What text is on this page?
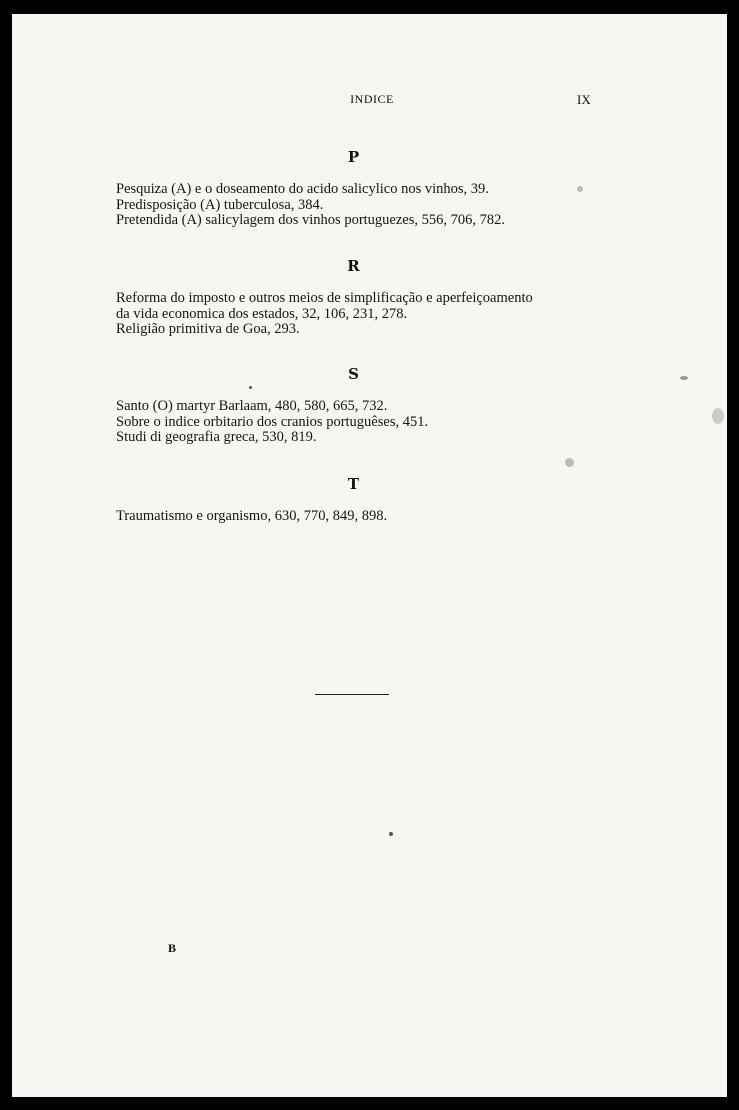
INDICE	IX
P
Pesquiza (A) e o doseamento do acido salicylico nos vinhos, 39.
Predisposição (A) tuberculosa, 384.
Pretendida (A) salicylagem dos vinhos portuguezes, 556, 706, 782.
R
Reforma do imposto e outros meios de simplificação e aperfeiçoamento
da vida economica dos estados, 32, 106, 231, 278.
Religião primitiva de Goa, 293.
S
Santo (O) martyr Barlaam, 480, 580, 665, 732.
Sobre o indice orbitario dos cranios portuguêses, 451.
Studi di geografia greca, 530, 819.
T
Traumatismo e organismo, 630, 770, 849, 898.
B
